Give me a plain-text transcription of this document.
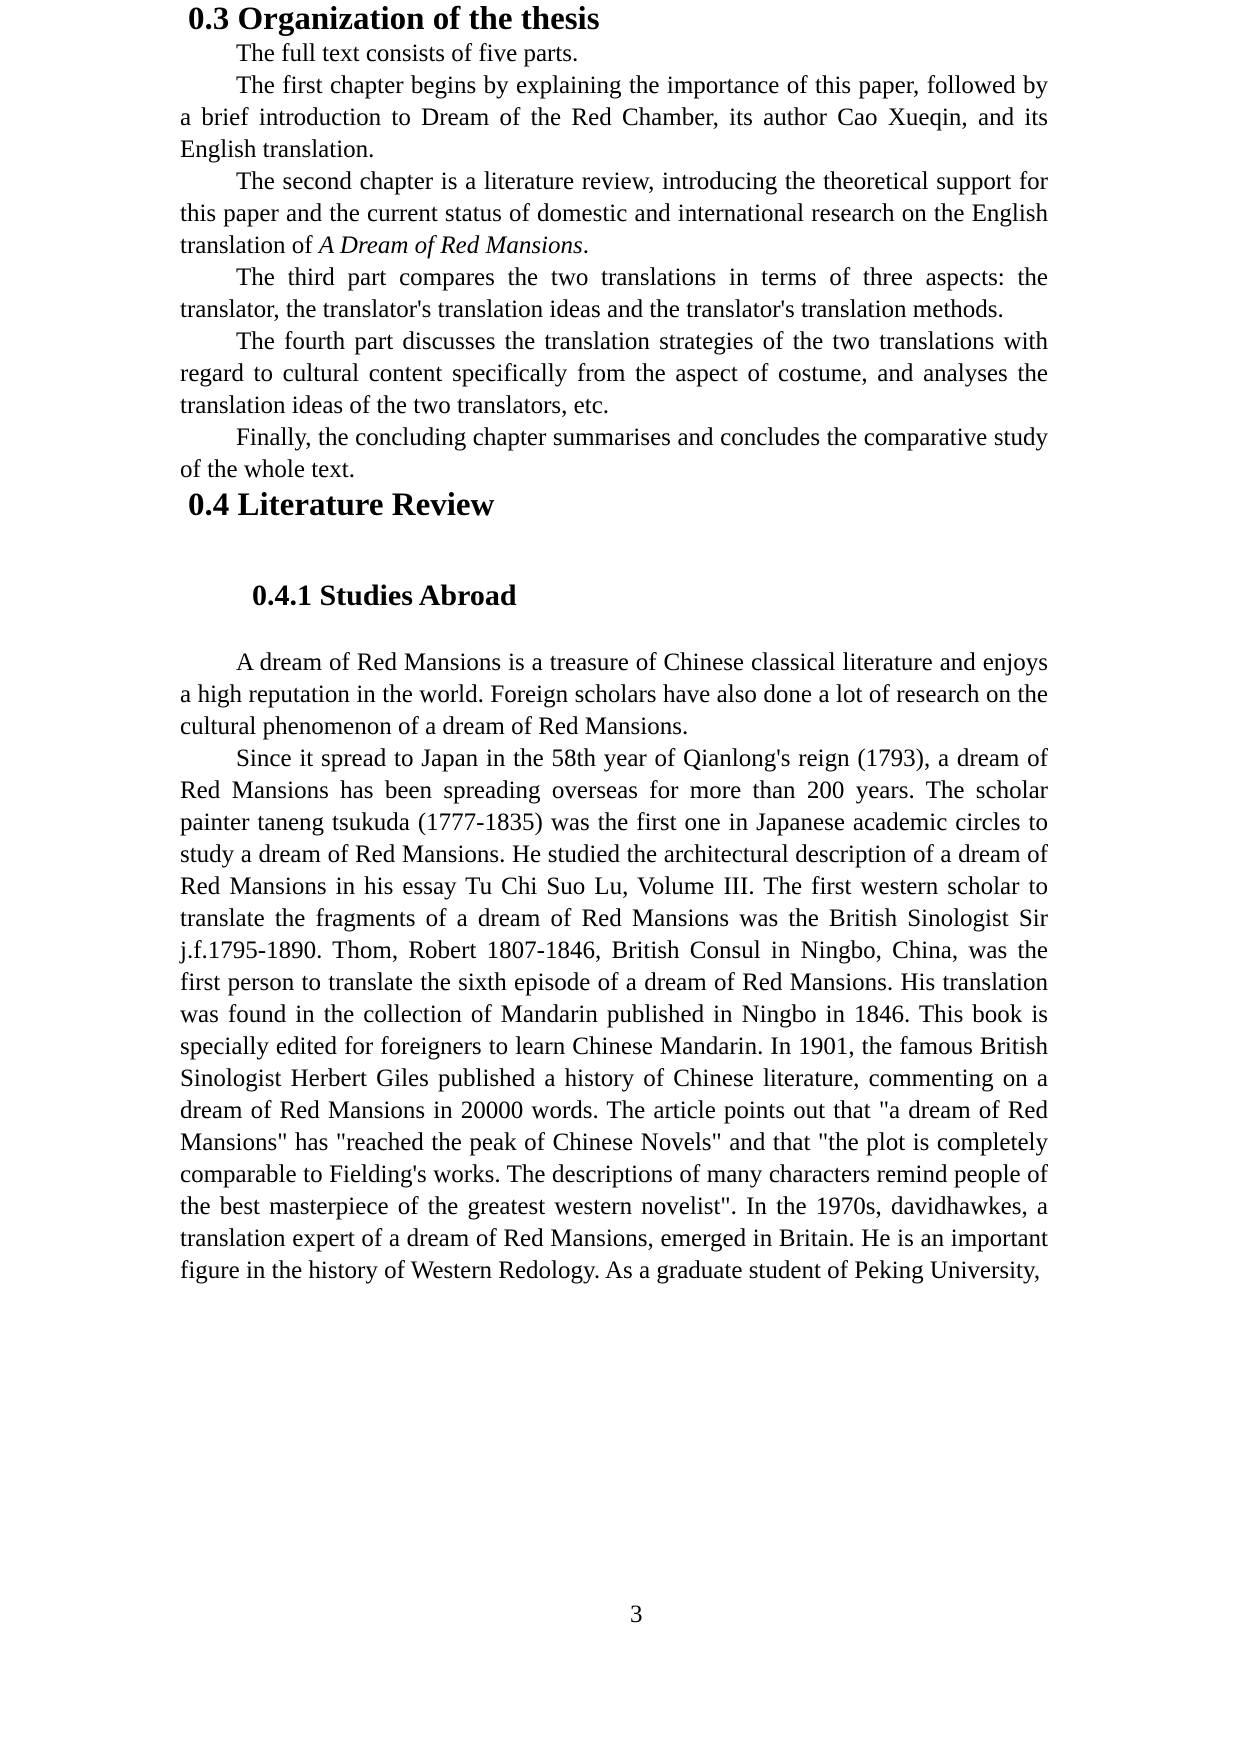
0.3 Organization of the thesis

The full text consists of five parts.

The first chapter begins by explaining the importance of this paper, followed by a brief introduction to Dream of the Red Chamber, its author Cao Xueqin, and its English translation.

The second chapter is a literature review, introducing the theoretical support for this paper and the current status of domestic and international research on the English translation of A Dream of Red Mansions.

The third part compares the two translations in terms of three aspects: the translator, the translator's translation ideas and the translator's translation methods.

The fourth part discusses the translation strategies of the two translations with regard to cultural content specifically from the aspect of costume, and analyses the translation ideas of the two translators, etc.

Finally, the concluding chapter summarises and concludes the comparative study of the whole text.

0.4 Literature Review
0.4.1 Studies Abroad

A dream of Red Mansions is a treasure of Chinese classical literature and enjoys a high reputation in the world. Foreign scholars have also done a lot of research on the cultural phenomenon of a dream of Red Mansions.

Since it spread to Japan in the 58th year of Qianlong's reign (1793), a dream of Red Mansions has been spreading overseas for more than 200 years. The scholar painter taneng tsukuda (1777-1835) was the first one in Japanese academic circles to study a dream of Red Mansions. He studied the architectural description of a dream of Red Mansions in his essay Tu Chi Suo Lu, Volume III. The first western scholar to translate the fragments of a dream of Red Mansions was the British Sinologist Sir j.f.1795-1890. Thom, Robert 1807-1846, British Consul in Ningbo, China, was the first person to translate the sixth episode of a dream of Red Mansions. His translation was found in the collection of Mandarin published in Ningbo in 1846. This book is specially edited for foreigners to learn Chinese Mandarin. In 1901, the famous British Sinologist Herbert Giles published a history of Chinese literature, commenting on a dream of Red Mansions in 20000 words. The article points out that "a dream of Red Mansions" has "reached the peak of Chinese Novels" and that "the plot is completely comparable to Fielding's works. The descriptions of many characters remind people of the best masterpiece of the greatest western novelist". In the 1970s, davidhawkes, a translation expert of a dream of Red Mansions, emerged in Britain. He is an important figure in the history of Western Redology. As a graduate student of Peking University,

3
